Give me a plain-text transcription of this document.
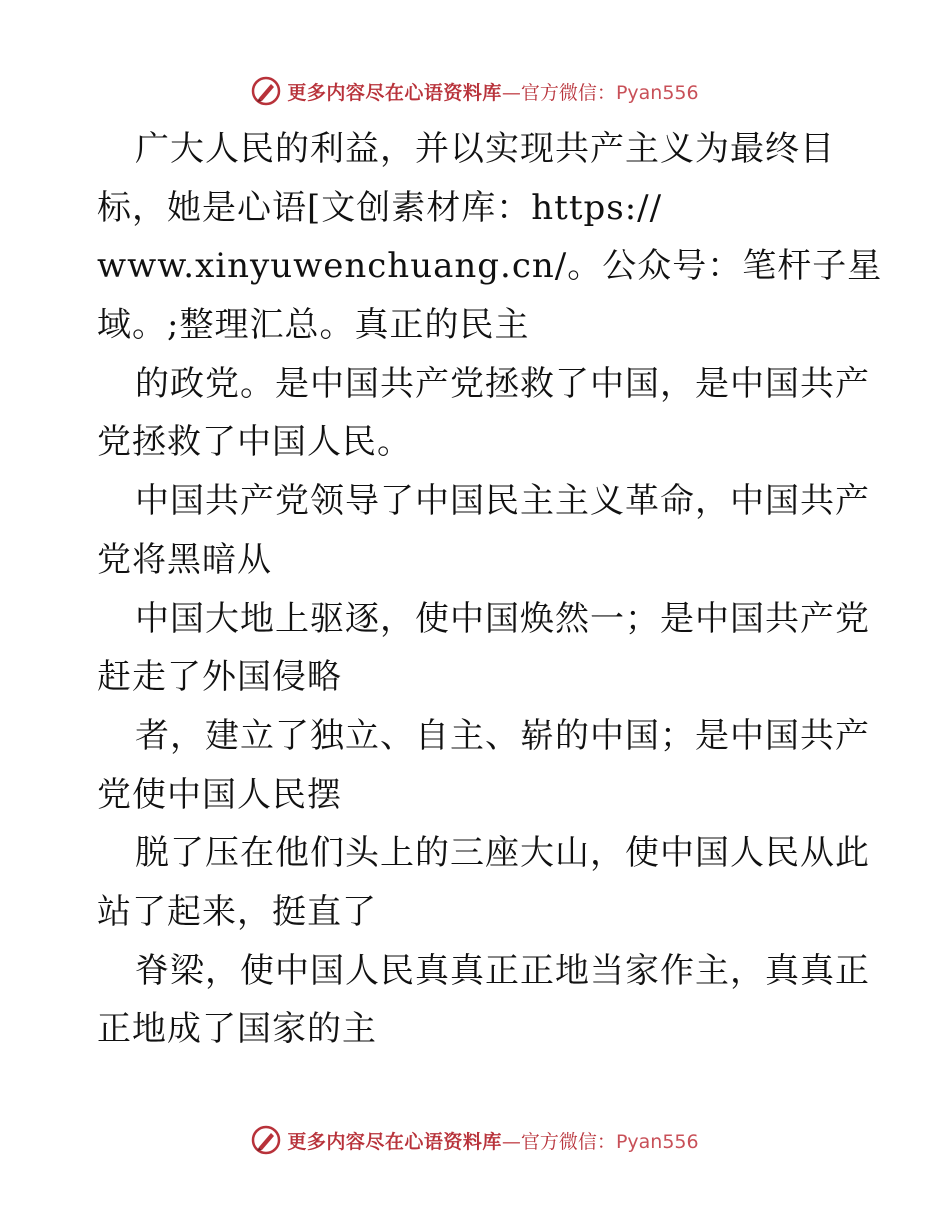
更多内容尽在心语资料库—官方微信：Pyan556
广大人民的利益，并以实现共产主义为最终目
标，她是心语[文创素材库：https://
www.xinyuwenchuang.cn/。公众号：笔杆子星
域。;整理汇总。真正的民主
的政党。是中国共产党拯救了中国，是中国共产
党拯救了中国人民。
中国共产党领导了中国民主主义革命，中国共产
党将黑暗从
中国大地上驱逐，使中国焕然一；是中国共产党
赶走了外国侵略
者，建立了独立、自主、崭的中国；是中国共产
党使中国人民摆
脱了压在他们头上的三座大山，使中国人民从此
站了起来，挺直了
脊梁，使中国人民真真正正地当家作主，真真正
正地成了国家的主
更多内容尽在心语资料库—官方微信：Pyan556
